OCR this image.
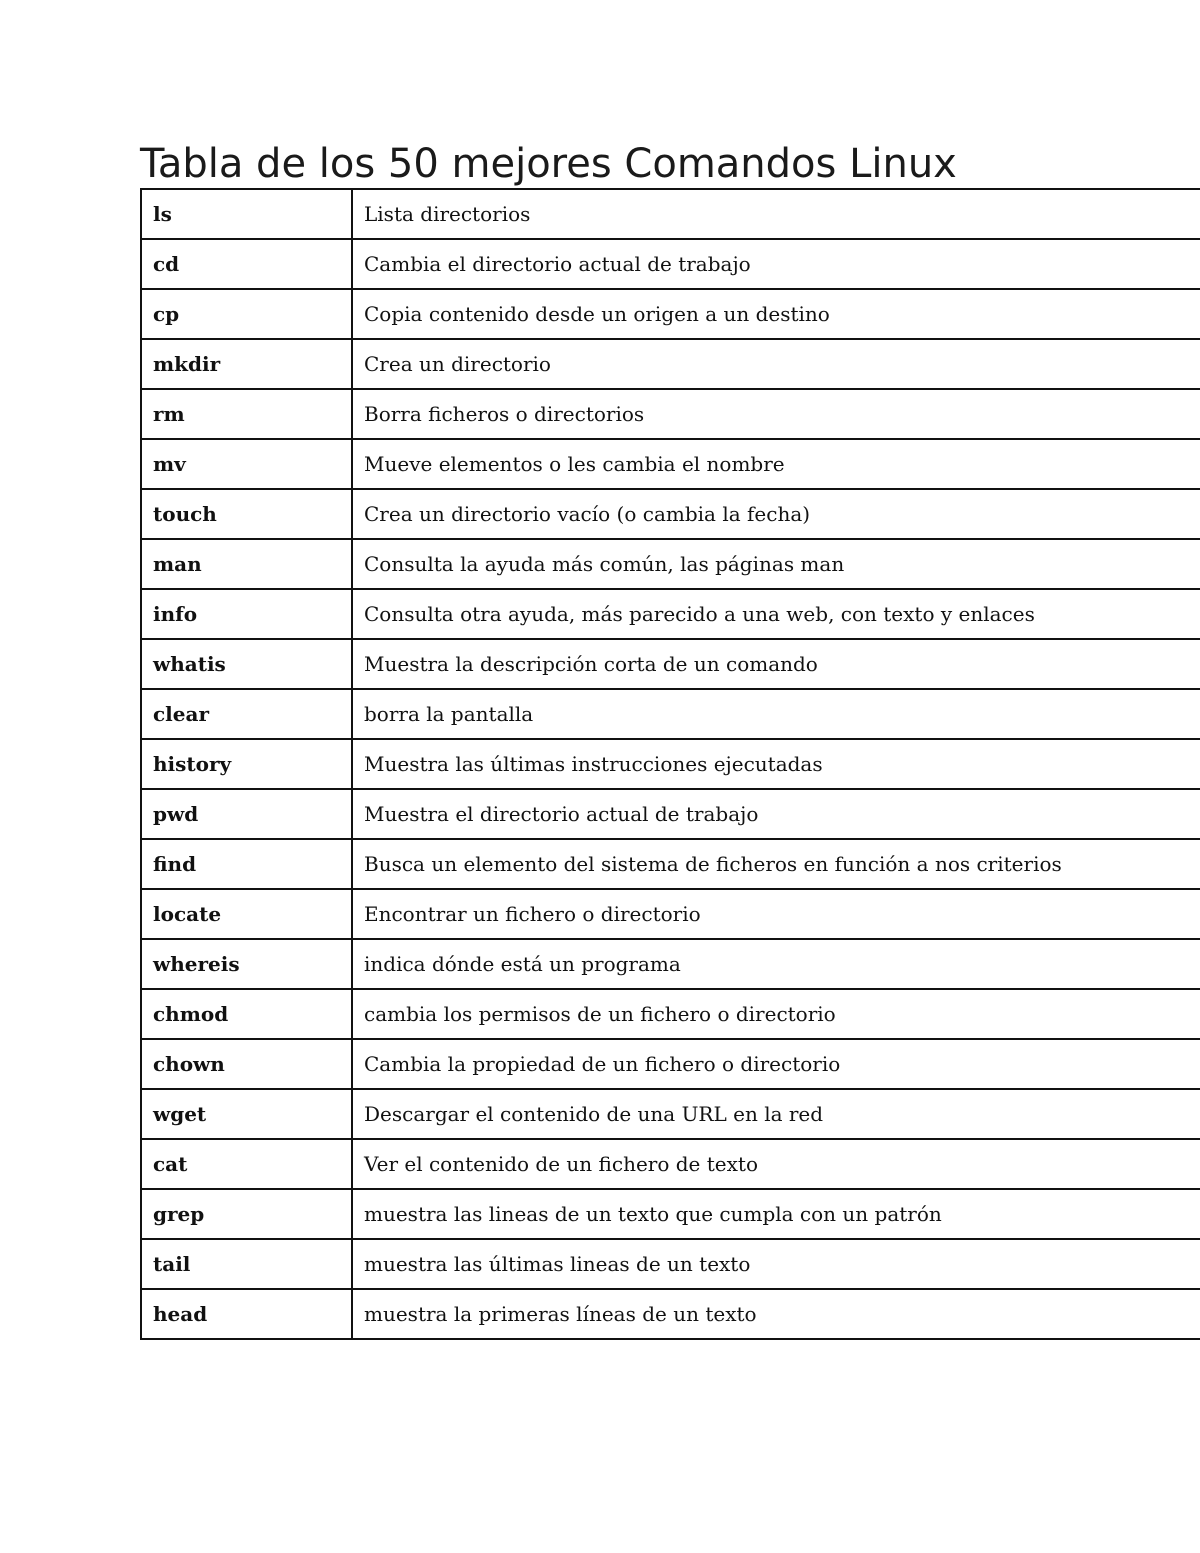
Tabla de los 50 mejores Comandos Linux
ls	Lista directorios
cd	Cambia el directorio actual de trabajo
cp	Copia contenido desde un origen a un destino
mkdir	Crea un directorio
rm	Borra ficheros o directorios
mv	Mueve elementos o les cambia el nombre
touch	Crea un directorio vacío (o cambia la fecha)
man	Consulta la ayuda más común, las páginas man
info	Consulta otra ayuda, más parecido a una web, con texto y enlaces
whatis	Muestra la descripción corta de un comando
clear	borra la pantalla
history	Muestra las últimas instrucciones ejecutadas
pwd	Muestra el directorio actual de trabajo
find	Busca un elemento del sistema de ficheros en función a nos criterios
locate	Encontrar un fichero o directorio
whereis	indica dónde está un programa
chmod	cambia los permisos de un fichero o directorio
chown	Cambia la propiedad de un fichero o directorio
wget	Descargar el contenido de una URL en la red
cat	Ver el contenido de un fichero de texto
grep	muestra las lineas de un texto que cumpla con un patrón
tail	muestra las últimas lineas de un texto
head	muestra la primeras líneas de un texto
